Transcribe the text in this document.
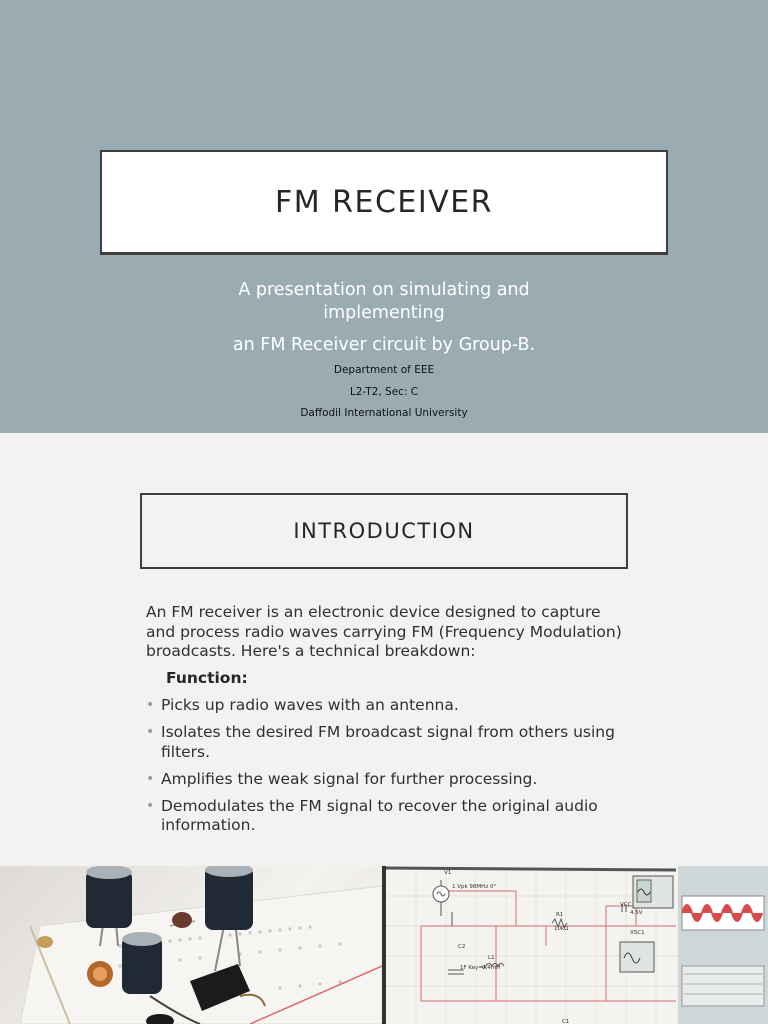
FM RECEIVER
A presentation on simulating and implementing
an FM Receiver circuit by Group-B.
Department of EEE
L2-T2, Sec: C
Daffodil International University
INTRODUCTION

An FM receiver is an electronic device designed to capture and process radio waves carrying FM (Frequency Modulation) broadcasts. Here's a technical breakdown:

Function:
• Picks up radio waves with an antenna.
• Isolates the desired FM broadcast signal from others using filters.
• Amplifies the weak signal for further processing.
• Demodulates the FM signal to recover the original audio information.
V1
1 Vpk 98MHz 0°
R1
10kΩ
VCC
4.5V
C2
1F Key=A
L1
0.4mH
XSC1
C1
